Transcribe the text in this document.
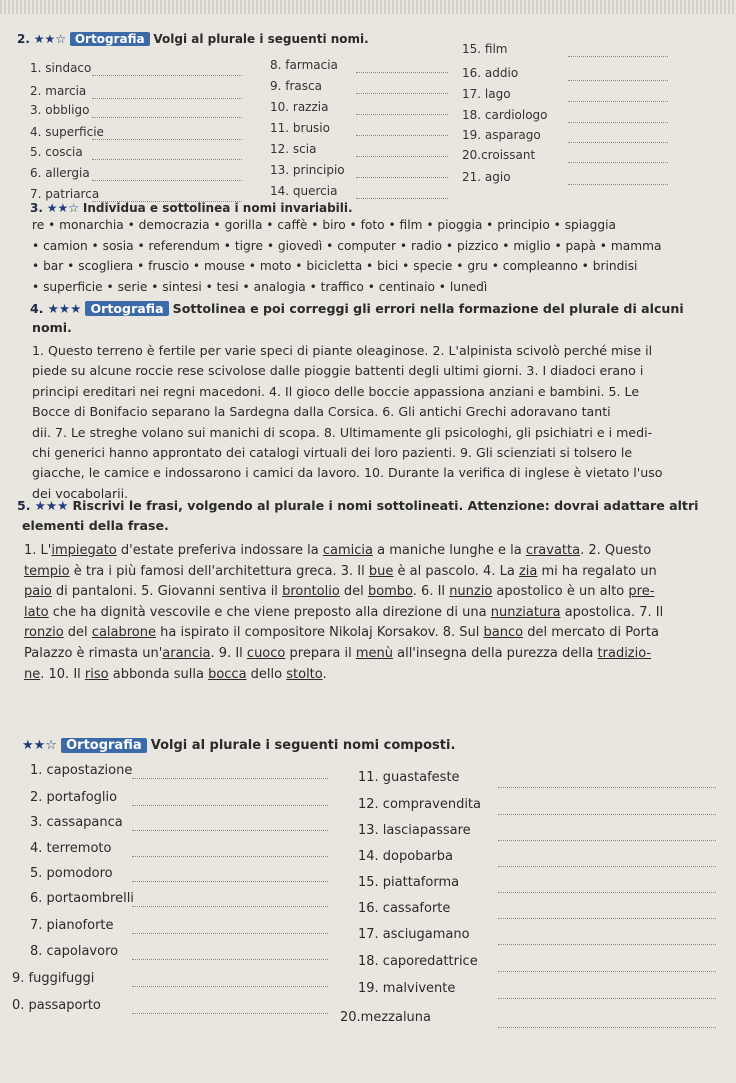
2. ★★☆ Ortografia Volgi al plurale i seguenti nomi.
1. sindaco
2. marcia
3. obbligo
4. superficie
5. coscia
6. allergia
7. patriarca
8. farmacia
9. frasca
10. razzia
11. brusio
12. scia
13. principio
14. quercia
15. film
16. addio
17. lago
18. cardiologo
19. asparago
20.croissant
21. agio
3. ★★☆ Individua e sottolinea i nomi invariabili.

re • monarchia • democrazia • gorilla • caffè • biro • foto • film • pioggia • principio • spiaggia

• camion • sosia • referendum • tigre • giovedì • computer • radio • pizzico • miglio • papà • mamma

• bar • scogliera • fruscio • mouse • moto • bicicletta • bici • specie • gru • compleanno • brindisi

• superficie • serie • sintesi • tesi • analogia • traffico • centinaio • lunedì

4. ★★★ Ortografia Sottolinea e poi correggi gli errori nella formazione del plurale di alcuni
nomi.

1. Questo terreno è fertile per varie speci di piante oleaginose. 2. L'alpinista scivolò perché mise il

piede su alcune roccie rese scivolose dalle pioggie battenti degli ultimi giorni. 3. I diadoci erano i

principi ereditari nei regni macedoni. 4. Il gioco delle boccie appassiona anziani e bambini. 5. Le

Bocce di Bonifacio separano la Sardegna dalla Corsica. 6. Gli antichi Grechi adoravano tanti

dii. 7. Le streghe volano sui manichi di scopa. 8. Ultimamente gli psicologhi, gli psichiatri e i medi-

chi generici hanno approntato dei catalogi virtuali dei loro pazienti. 9. Gli scienziati si tolsero le

giacche, le camice e indossarono i camici da lavoro. 10. Durante la verifica di inglese è vietato l'uso

dei vocabolarii.

5. ★★★ Riscrivi le frasi, volgendo al plurale i nomi sottolineati. Attenzione: dovrai adattare altri
elementi della frase.

1. L'impiegato d'estate preferiva indossare la camicia a maniche lunghe e la cravatta. 2. Questo

tempio è tra i più famosi dell'architettura greca. 3. Il bue è al pascolo. 4. La zia mi ha regalato un

paio di pantaloni. 5. Giovanni sentiva il brontolio del bombo. 6. Il nunzio apostolico è un alto pre-

lato che ha dignità vescovile e che viene preposto alla direzione di una nunziatura apostolica. 7. Il

ronzio del calabrone ha ispirato il compositore Nikolaj Korsakov. 8. Sul banco del mercato di Porta

Palazzo è rimasta un'arancia. 9. Il cuoco prepara il menù all'insegna della purezza della tradizio-

ne. 10. Il riso abbonda sulla bocca dello stolto.

★★☆ Ortografia Volgi al plurale i seguenti nomi composti.
1. capostazione	11. guastafeste
2. portafoglio	12. compravendita
3. cassapanca
13. lasciapassare
4. terremoto
14. dopobarba
5. pomodoro
15. piattaforma
6. portaombrelli
16. cassaforte
7. pianoforte
17. asciugamano
8. capolavoro
18. caporedattrice
9. fuggifuggi
19. malvivente
0. passaporto
20.mezzaluna
